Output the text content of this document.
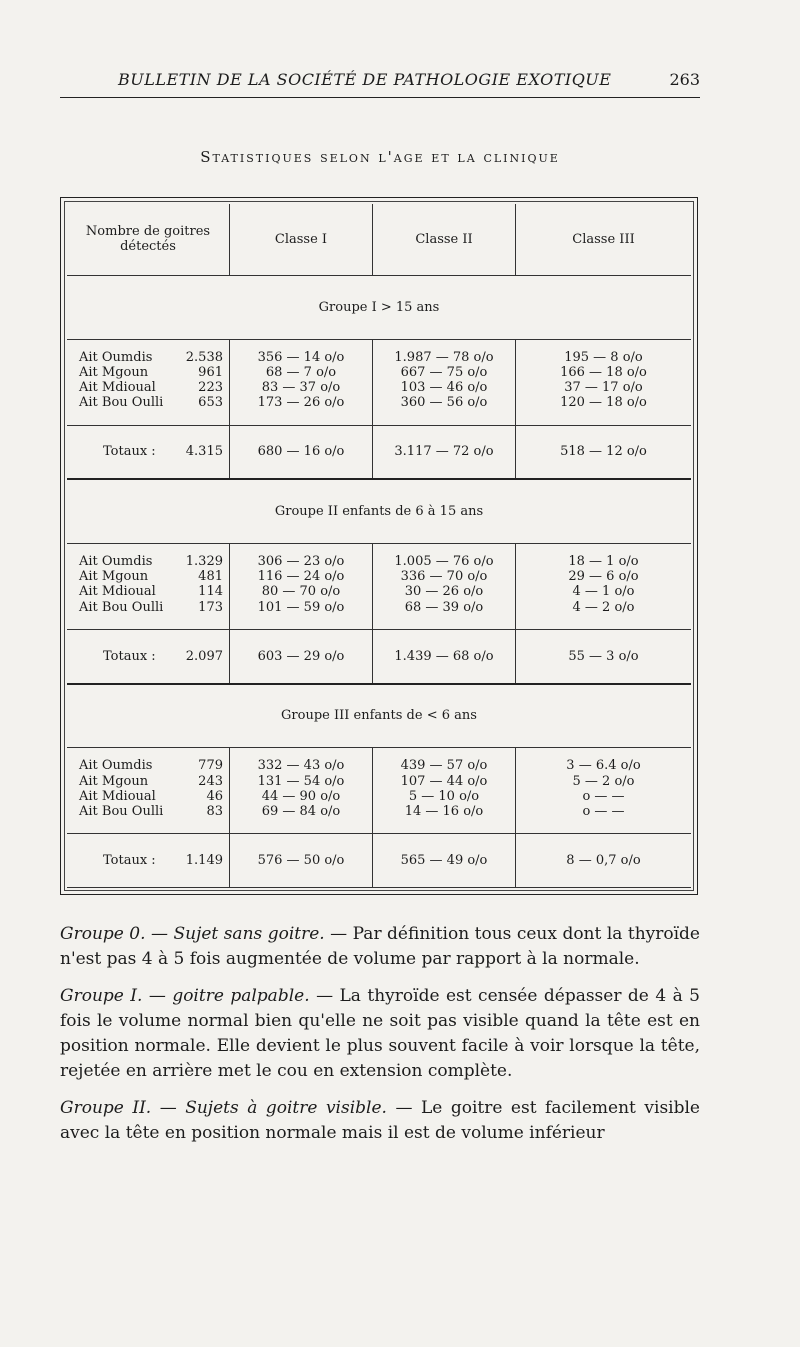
BULLETIN DE LA SOCIÉTÉ DE PATHOLOGIE EXOTIQUE	263
Statistiques selon l'age et la clinique
Nombre de goitres détectés	Classe I	Classe II	Classe III
Groupe I > 15 ans			

Ait Oumdis 2.538	356 — 14 o/o	1.987 — 78 o/o	195 — 8 o/o

Ait Mgoun 961	68 — 7 o/o	667 — 75 o/o	166 — 18 o/o

Ait Mdioual 223	83 — 37 o/o	103 — 46 o/o	37 — 17 o/o

Ait Bou Oulli 653	173 — 26 o/o	360 — 56 o/o	120 — 18 o/o

Totaux : 4.315	680 — 16 o/o	3.117 — 72 o/o	518 — 12 o/o
Groupe II enfants de 6 à 15 ans			

Ait Oumdis 1.329	306 — 23 o/o	1.005 — 76 o/o	18 — 1 o/o

Ait Mgoun 481	116 — 24 o/o	336 — 70 o/o	29 — 6 o/o

Ait Mdioual 114	80 — 70 o/o	30 — 26 o/o	4 — 1 o/o

Ait Bou Oulli 173	101 — 59 o/o	68 — 39 o/o	4 — 2 o/o

Totaux : 2.097	603 — 29 o/o	1.439 — 68 o/o	55 — 3 o/o
Groupe III enfants de < 6 ans			

Ait Oumdis 779	332 — 43 o/o	439 — 57 o/o	3 — 6.4 o/o

Ait Mgoun 243	131 — 54 o/o	107 — 44 o/o	5 — 2 o/o

Ait Mdioual 46	44 — 90 o/o	5 — 10 o/o	o — —

Ait Bou Oulli 83	69 — 84 o/o	14 — 16 o/o	o — —

Totaux : 1.149	576 — 50 o/o	565 — 49 o/o	8 — 0,7 o/o

Groupe 0. — Sujet sans goitre. — Par définition tous ceux dont la thyroïde n'est pas 4 à 5 fois augmentée de volume par rapport à la normale.

Groupe I. — goitre palpable. — La thyroïde est censée dépasser de 4 à 5 fois le volume normal bien qu'elle ne soit pas visible quand la tête est en position normale. Elle devient le plus souvent facile à voir lorsque la tête, rejetée en arrière met le cou en extension complète.

Groupe II. — Sujets à goitre visible. — Le goitre est facilement visible avec la tête en position normale mais il est de volume inférieur
